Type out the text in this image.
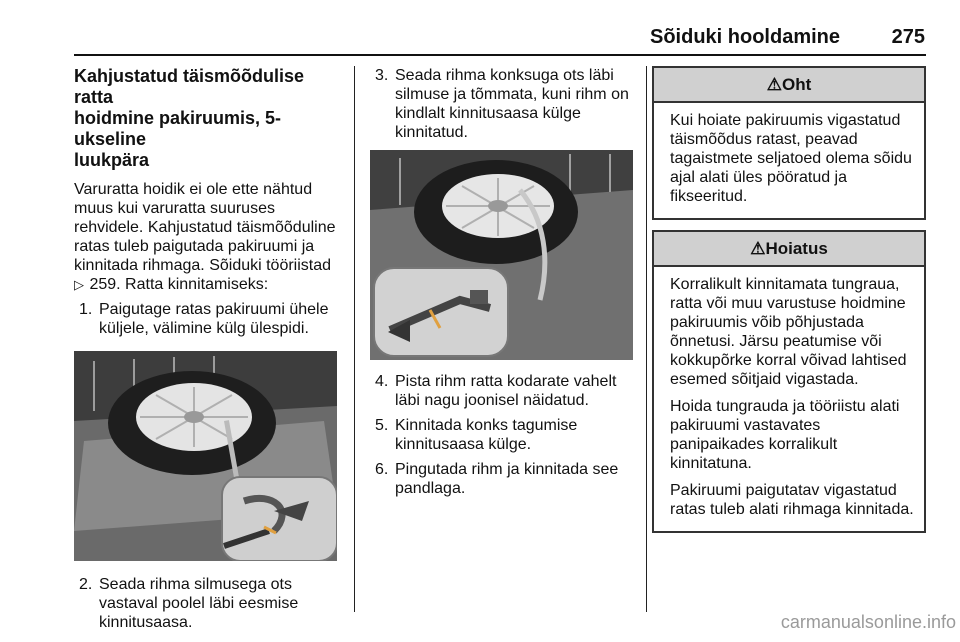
Sõiduki hooldamine	275
Kahjustatud täismõõdulise ratta
hoidmine pakiruumis, 5-ukseline
luukpära

Varuratta hoidik ei ole ette nähtud
muus kui varuratta suuruses
rehvidele. Kahjustatud täismõõduline
ratas tuleb paigutada pakiruumi ja
kinnitada rihmaga. Sõiduki tööriistad
▷ 259. Ratta kinnitamiseks:

1. Paigutage ratas pakiruumi ühele
küljele, välimine külg ülespidi.
2. Seada rihma silmusega ots
vastaval poolel läbi eesmise
kinnitusaasa.
3. Seada rihma konksuga ots läbi
silmuse ja tõmmata, kuni rihm on
kindlalt kinnitusaasa külge
kinnitatud.
4. Pista rihm ratta kodarate vahelt
läbi nagu joonisel näidatud.
5. Kinnitada konks tagumise
kinnitusaasa külge.
6. Pingutada rihm ja kinnitada see
pandlaga.
⚠Oht

Kui hoiate pakiruumis vigastatud
täismõõdus ratast, peavad
tagaistmete seljatoed olema sõidu
ajal alati üles pööratud ja
fikseeritud.

⚠Hoiatus

Korralikult kinnitamata tungraua,
ratta või muu varustuse hoidmine
pakiruumis võib põhjustada
õnnetusi. Järsu peatumise või
kokkupõrke korral võivad lahtised
esemed sõitjaid vigastada.

Hoida tungrauda ja tööriistu alati
pakiruumi vastavates
panipaikades korralikult
kinnitatuna.

Pakiruumi paigutatav vigastatud
ratas tuleb alati rihmaga kinnitada.

carmanualsonline.info
